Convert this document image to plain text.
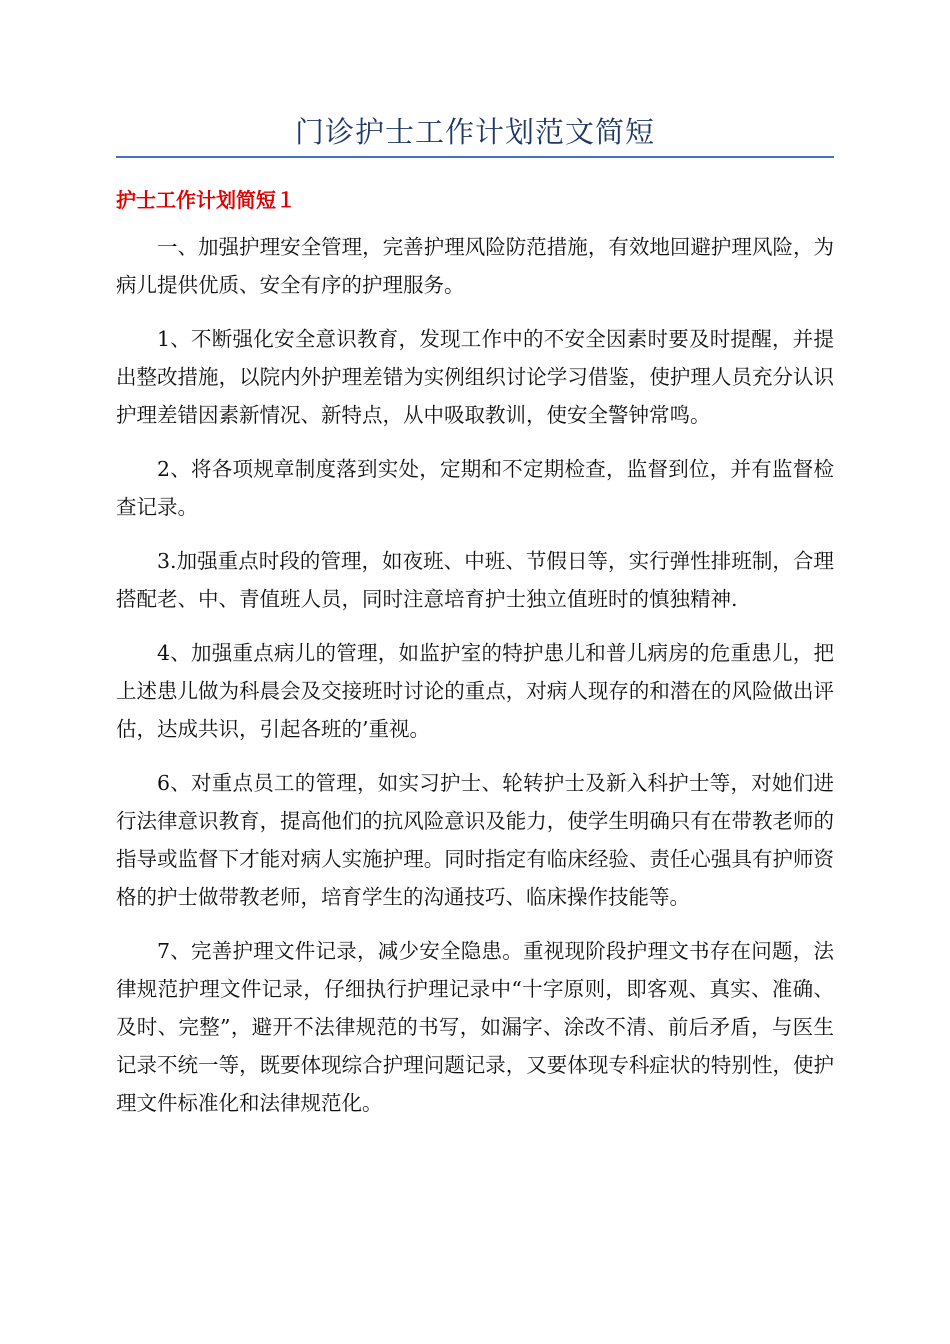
门诊护士工作计划范文简短
护士工作计划简短１

一、加强护理安全管理，完善护理风险防范措施，有效地回避护理风险，为病儿提供优质、安全有序的护理服务。

1、不断强化安全意识教育，发现工作中的不安全因素时要及时提醒，并提出整改措施，以院内外护理差错为实例组织讨论学习借鉴，使护理人员充分认识护理差错因素新情况、新特点，从中吸取教训，使安全警钟常鸣。

2、将各项规章制度落到实处，定期和不定期检查，监督到位，并有监督检查记录。

3.加强重点时段的管理，如夜班、中班、节假日等，实行弹性排班制，合理搭配老、中、青值班人员，同时注意培育护士独立值班时的慎独精神.

4、加强重点病儿的管理，如监护室的特护患儿和普儿病房的危重患儿，把上述患儿做为科晨会及交接班时讨论的重点，对病人现存的和潜在的风险做出评估，达成共识，引起各班的’重视。

6、对重点员工的管理，如实习护士、轮转护士及新入科护士等，对她们进行法律意识教育，提高他们的抗风险意识及能力，使学生明确只有在带教老师的指导或监督下才能对病人实施护理。同时指定有临床经验、责任心强具有护师资格的护士做带教老师，培育学生的沟通技巧、临床操作技能等。

7、完善护理文件记录，减少安全隐患。重视现阶段护理文书存在问题，法律规范护理文件记录，仔细执行护理记录中“十字原则，即客观、真实、准确、及时、完整”，避开不法律规范的书写，如漏字、涂改不清、前后矛盾，与医生记录不统一等，既要体现综合护理问题记录，又要体现专科症状的特别性，使护理文件标准化和法律规范化。
